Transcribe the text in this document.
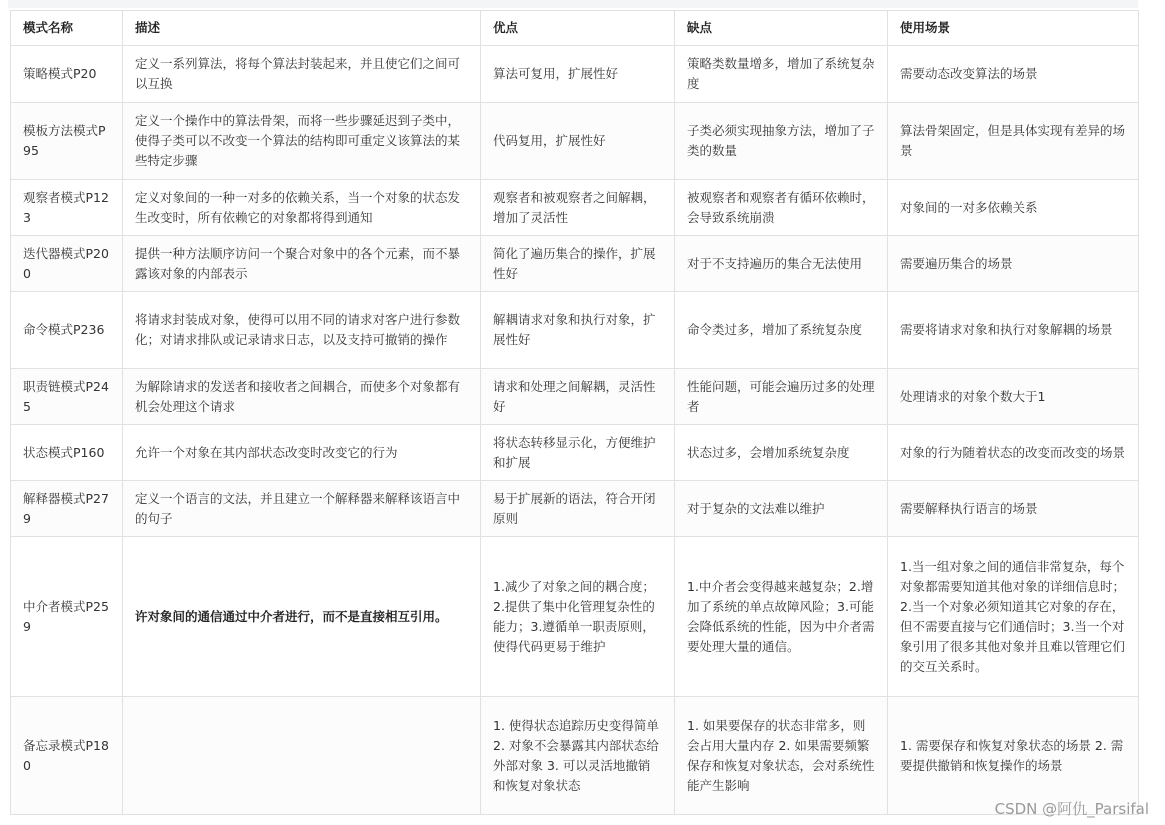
模式名称	描述	优点	缺点	使用场景
策略模式P20	定义一系列算法，将每个算法封装起来，并且使它们之间可以互换	算法可复用，扩展性好	策略类数量增多，增加了系统复杂度	需要动态改变算法的场景
模板方法模式P95	定义一个操作中的算法骨架，而将一些步骤延迟到子类中，使得子类可以不改变一个算法的结构即可重定义该算法的某些特定步骤	代码复用，扩展性好	子类必须实现抽象方法，增加了子类的数量	算法骨架固定，但是具体实现有差异的场景
观察者模式P123	定义对象间的一种一对多的依赖关系，当一个对象的状态发生改变时，所有依赖它的对象都将得到通知	观察者和被观察者之间解耦，增加了灵活性	被观察者和观察者有循环依赖时，会导致系统崩溃	对象间的一对多依赖关系
迭代器模式P200	提供一种方法顺序访问一个聚合对象中的各个元素，而不暴露该对象的内部表示	简化了遍历集合的操作，扩展性好	对于不支持遍历的集合无法使用	需要遍历集合的场景
命令模式P236	将请求封装成对象，使得可以用不同的请求对客户进行参数化；对请求排队或记录请求日志，以及支持可撤销的操作	解耦请求对象和执行对象，扩展性好	命令类过多，增加了系统复杂度	需要将请求对象和执行对象解耦的场景
职责链模式P245	为解除请求的发送者和接收者之间耦合，而使多个对象都有机会处理这个请求	请求和处理之间解耦，灵活性好	性能问题，可能会遍历过多的处理者	处理请求的对象个数大于1
状态模式P160	允许一个对象在其内部状态改变时改变它的行为	将状态转移显示化，方便维护和扩展	状态过多，会增加系统复杂度	对象的行为随着状态的改变而改变的场景
解释器模式P279	定义一个语言的文法，并且建立一个解释器来解释该语言中的句子	易于扩展新的语法，符合开闭原则	对于复杂的文法难以维护	需要解释执行语言的场景
中介者模式P259	许对象间的通信通过中介者进行，而不是直接相互引用。	1.减少了对象之间的耦合度；2.提供了集中化管理复杂性的能力；3.遵循单一职责原则，使得代码更易于维护	1.中介者会变得越来越复杂；2.增加了系统的单点故障风险；3.可能会降低系统的性能，因为中介者需要处理大量的通信。	1.当一组对象之间的通信非常复杂，每个对象都需要知道其他对象的详细信息时；2.当一个对象必须知道其它对象的存在，但不需要直接与它们通信时；3.当一个对象引用了很多其他对象并且难以管理它们的交互关系时。
备忘录模式P180		1. 使得状态追踪历史变得简单 2. 对象不会暴露其内部状态给外部对象 3. 可以灵活地撤销和恢复对象状态	1. 如果要保存的状态非常多，则会占用大量内存 2. 如果需要频繁保存和恢复对象状态，会对系统性能产生影响	1. 需要保存和恢复对象状态的场景 2. 需要提供撤销和恢复操作的场景
CSDN @阿仇_Parsifal
